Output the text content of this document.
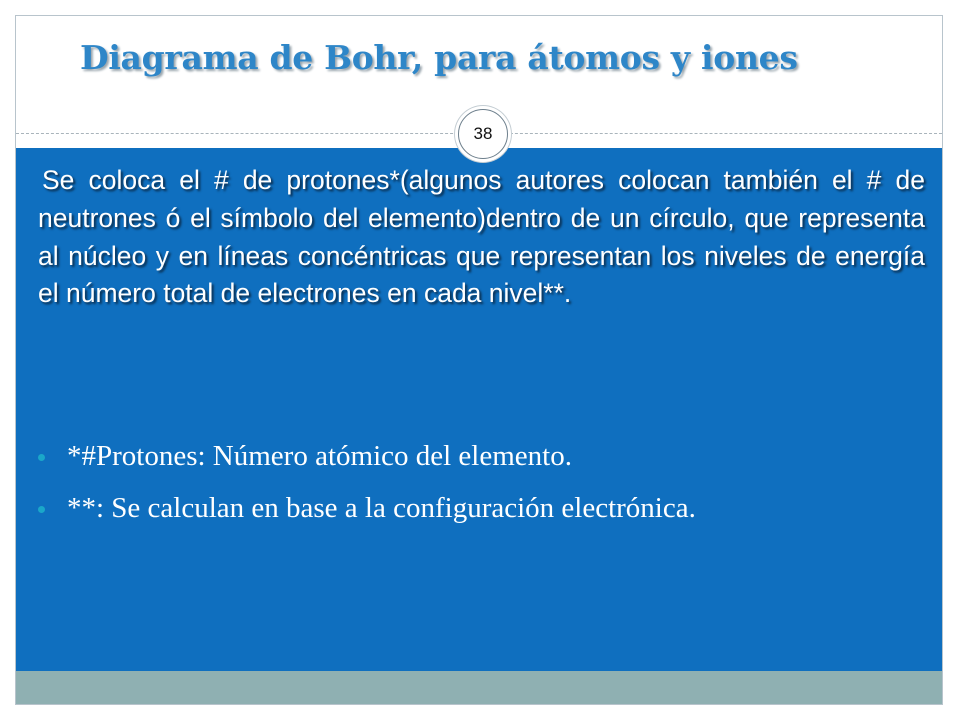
Diagrama de Bohr, para átomos y iones
38

Se coloca el # de protones*(algunos autores colocan también el # de neutrones ó el símbolo del elemento)dentro de un círculo, que representa al núcleo y en líneas concéntricas que representan los niveles de energía el número total de electrones en cada nivel**.

*#Protones: Número atómico del elemento.
**: Se calculan en base a la configuración electrónica.
